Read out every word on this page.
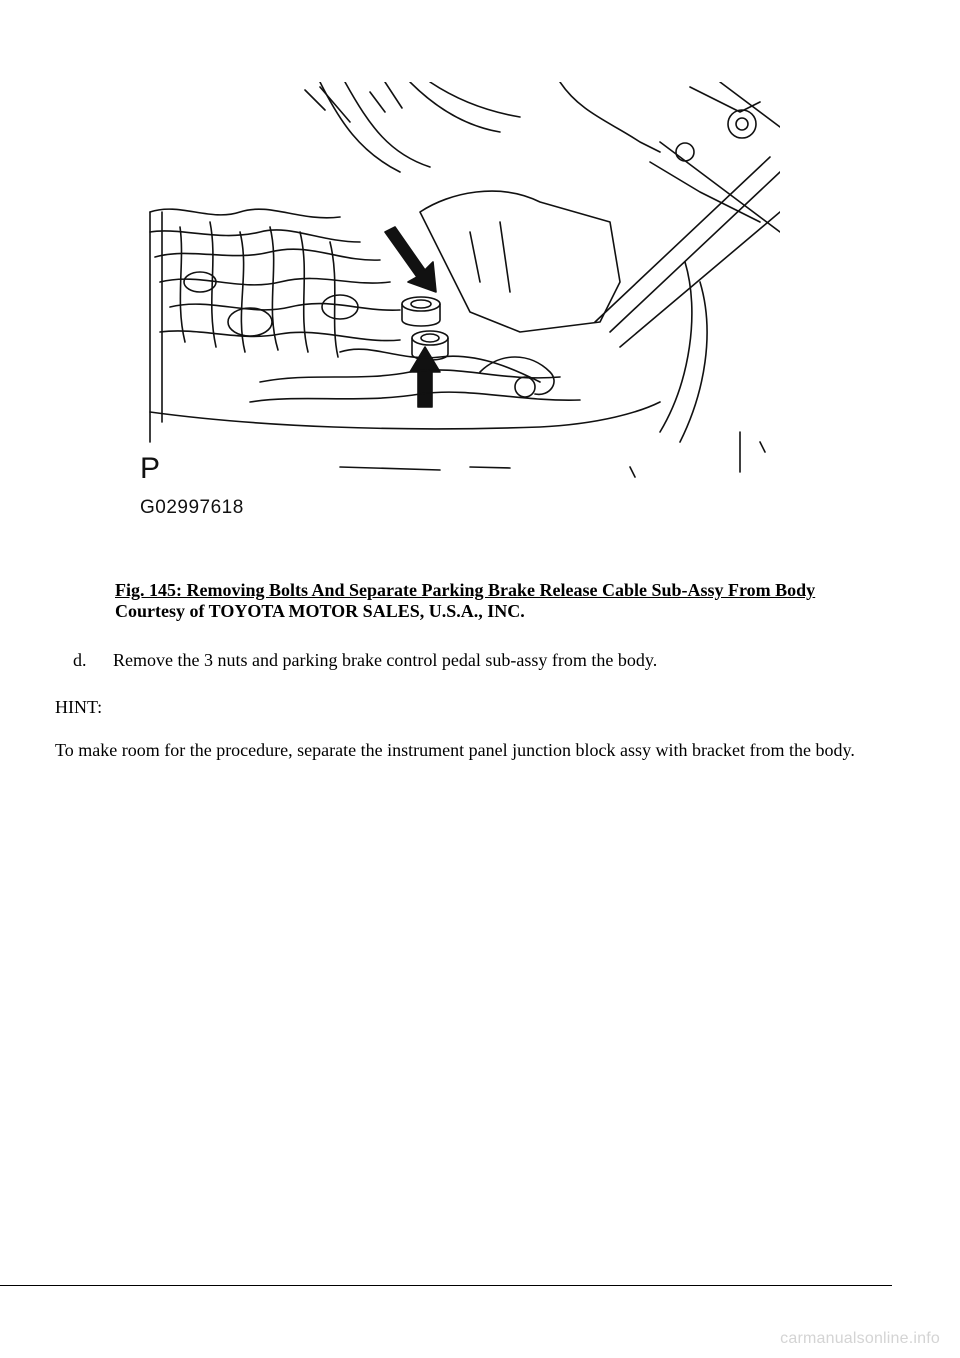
P
G02997618
Fig. 145: Removing Bolts And Separate Parking Brake Release Cable Sub-Assy From Body
Courtesy of TOYOTA MOTOR SALES, U.S.A., INC.
d. Remove the 3 nuts and parking brake control pedal sub-assy from the body.
HINT:
To make room for the procedure, separate the instrument panel junction block assy with bracket from the body.
carmanualsonline.info
